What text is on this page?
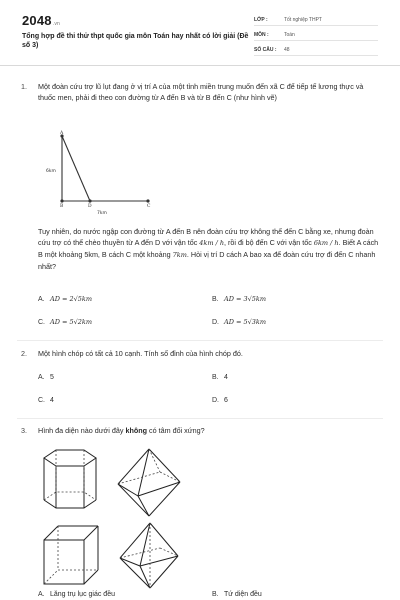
2048.vn
Tổng hợp đề thi thử thpt quốc gia môn Toán hay nhất có lời giải (Đề số 3)
LỚP :	Tốt nghiệp THPT
MÔN :	Toán
SỐ CÂU : 48
1. Một đoàn cứu trợ lũ lụt đang ở vị trí A của một tỉnh miền trung muốn đến xã C để tiếp tế lương thực và thuốc men, phải đi theo con đường từ A đến B và từ B đến C (như hình vẽ)
A
B	D	C
6km
7km
Tuy nhiên, do nước ngập con đường từ A đến B nên đoàn cứu trợ không thể đến C bằng xe, nhưng đoàn cứu trợ có thể chèo thuyền từ A đến D với vận tốc 4km / h, rồi đi bộ đến C với vận tốc 6km / h. Biết A cách B một khoảng 5km, B cách C một khoảng 7km. Hỏi vị trí D cách A bao xa để đoàn cứu trợ đi đến C nhanh nhất?
A. AD = 2√5km	B. AD = 3√5km
C. AD = 5√2km	D. AD = 5√3km
2. Một hình chóp có tất cả 10 cạnh. Tính số đỉnh của hình chóp đó.
A. 5	B. 4
C. 4	D. 6
3. Hình đa diện nào dưới đây không có tâm đối xứng?
A. Lăng trụ lục giác đều	B. Tứ diện đều
